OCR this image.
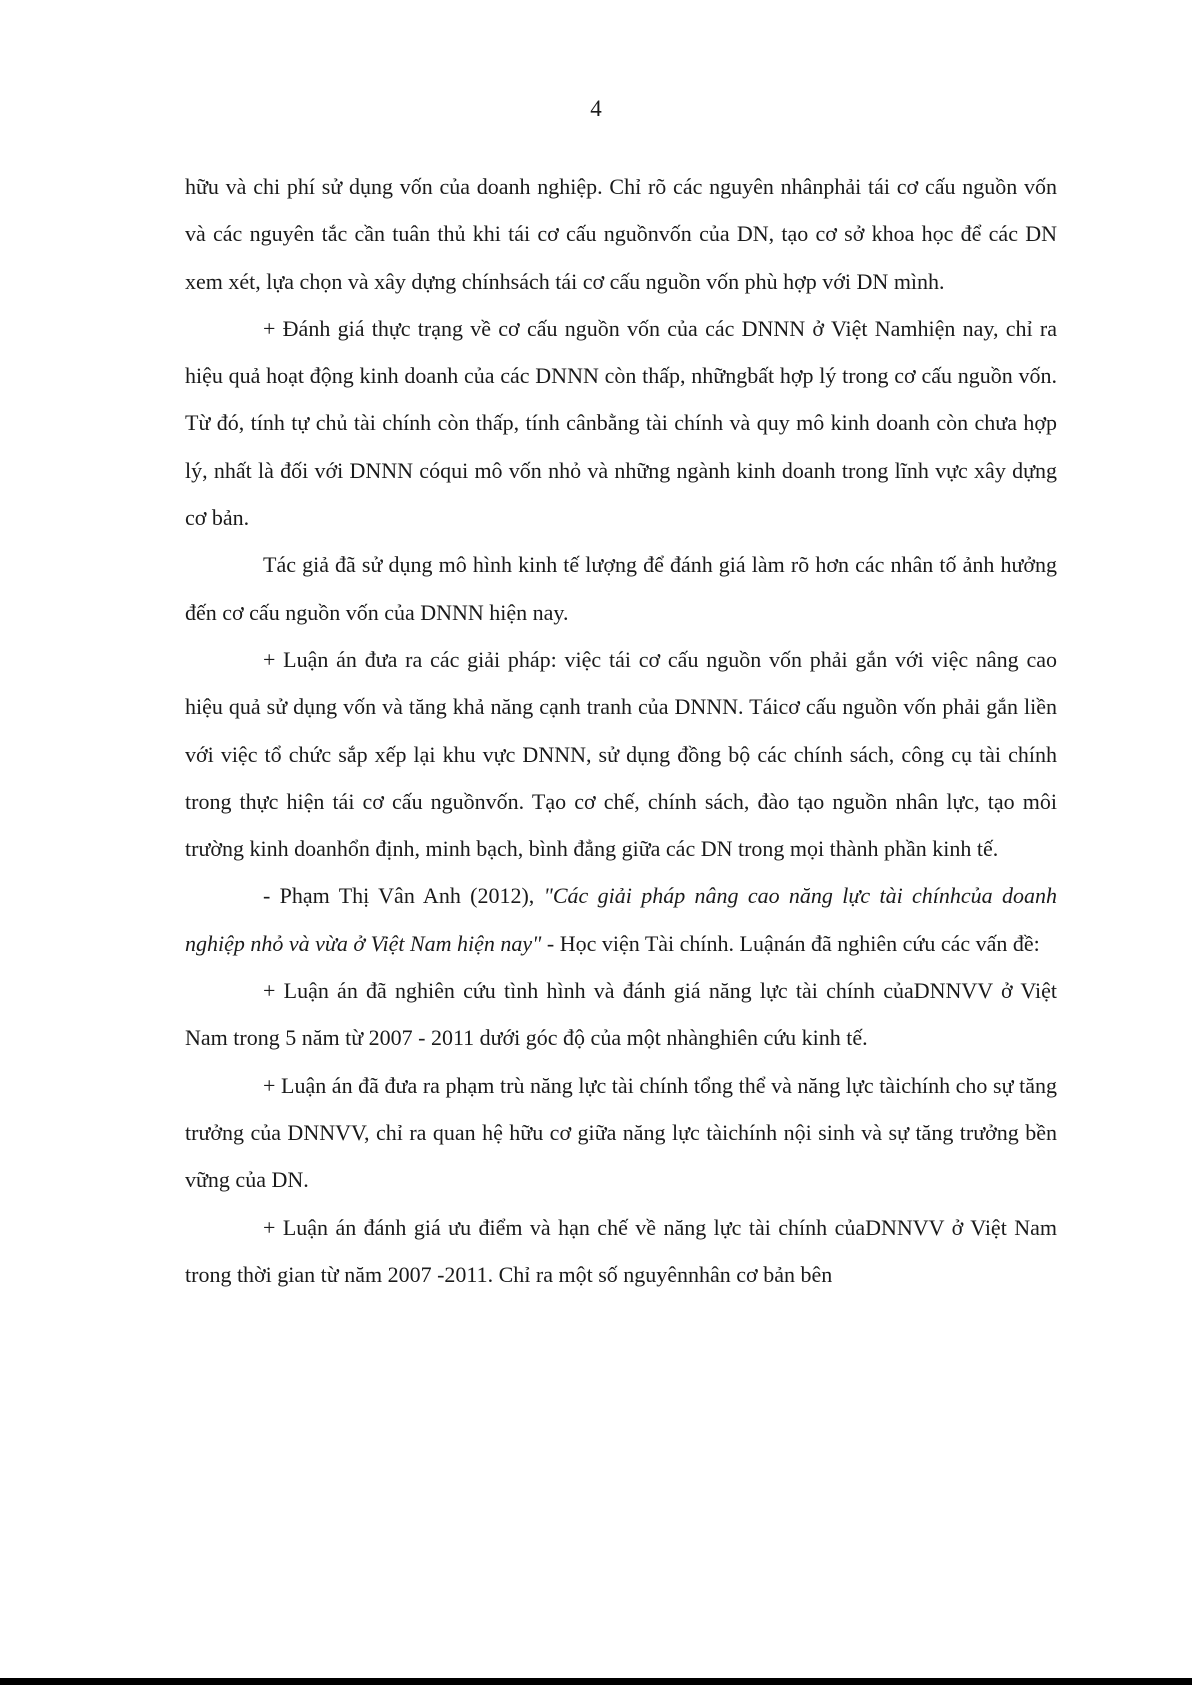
4

hữu và chi phí sử dụng vốn của doanh nghiệp. Chỉ rõ các nguyên nhânphải tái cơ cấu nguồn vốn và các nguyên tắc cần tuân thủ khi tái cơ cấu nguồnvốn của DN, tạo cơ sở khoa học để các DN xem xét, lựa chọn và xây dựng chínhsách tái cơ cấu nguồn vốn phù hợp với DN mình.

+ Đánh giá thực trạng về cơ cấu nguồn vốn của các DNNN ở Việt Namhiện nay, chỉ ra hiệu quả hoạt động kinh doanh của các DNNN còn thấp, nhữngbất hợp lý trong cơ cấu nguồn vốn. Từ đó, tính tự chủ tài chính còn thấp, tính cânbằng tài chính và quy mô kinh doanh còn chưa hợp lý, nhất là đối với DNNN cóqui mô vốn nhỏ và những ngành kinh doanh trong lĩnh vực xây dựng cơ bản.

Tác giả đã sử dụng mô hình kinh tế lượng để đánh giá làm rõ hơn các nhân tố ảnh hưởng đến cơ cấu nguồn vốn của DNNN hiện nay.

+ Luận án đưa ra các giải pháp: việc tái cơ cấu nguồn vốn phải gắn với việc nâng cao hiệu quả sử dụng vốn và tăng khả năng cạnh tranh của DNNN. Táicơ cấu nguồn vốn phải gắn liền với việc tổ chức sắp xếp lại khu vực DNNN, sử dụng đồng bộ các chính sách, công cụ tài chính trong thực hiện tái cơ cấu nguồnvốn. Tạo cơ chế, chính sách, đào tạo nguồn nhân lực, tạo môi trường kinh doanhổn định, minh bạch, bình đẳng giữa các DN trong mọi thành phần kinh tế.

- Phạm Thị Vân Anh (2012), "Các giải pháp nâng cao năng lực tài chínhcủa doanh nghiệp nhỏ và vừa ở Việt Nam hiện nay" - Học viện Tài chính. Luậnán đã nghiên cứu các vấn đề:

+ Luận án đã nghiên cứu tình hình và đánh giá năng lực tài chính củaDNNVV ở Việt Nam trong 5 năm từ 2007 - 2011 dưới góc độ của một nhànghiên cứu kinh tế.

+ Luận án đã đưa ra phạm trù năng lực tài chính tổng thể và năng lực tàichính cho sự tăng trưởng của DNNVV, chỉ ra quan hệ hữu cơ giữa năng lực tàichính nội sinh và sự tăng trưởng bền vững của DN.

+ Luận án đánh giá ưu điểm và hạn chế về năng lực tài chính củaDNNVV ở Việt Nam trong thời gian từ năm 2007 -2011. Chỉ ra một số nguyênnhân cơ bản bên
